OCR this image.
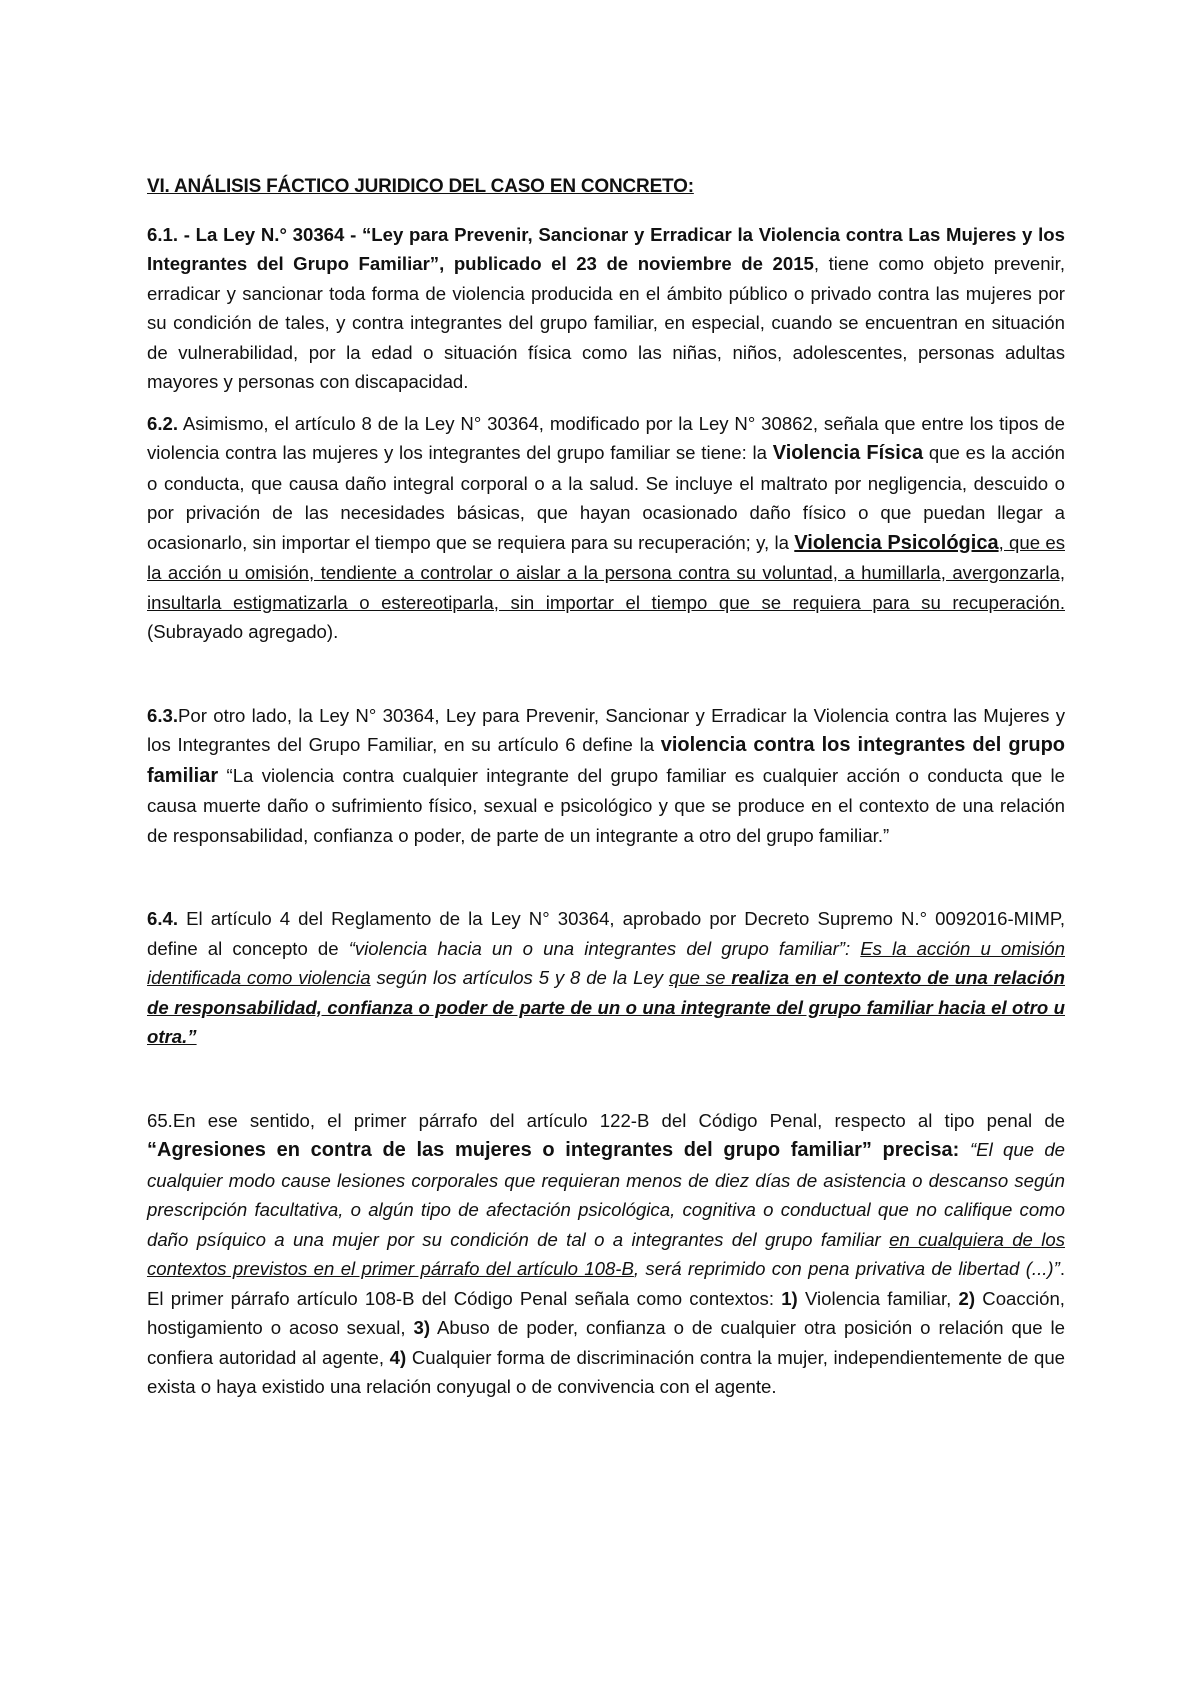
VI. ANÁLISIS FÁCTICO JURIDICO DEL CASO EN CONCRETO:

6.1. - La Ley N.° 30364 - “Ley para Prevenir, Sancionar y Erradicar la Violencia contra Las Mujeres y los Integrantes del Grupo Familiar”, publicado el 23 de noviembre de 2015, tiene como objeto prevenir, erradicar y sancionar toda forma de violencia producida en el ámbito público o privado contra las mujeres por su condición de tales, y contra integrantes del grupo familiar, en especial, cuando se encuentran en situación de vulnerabilidad, por la edad o situación física como las niñas, niños, adolescentes, personas adultas mayores y personas con discapacidad.

6.2. Asimismo, el artículo 8 de la Ley N° 30364, modificado por la Ley N° 30862, señala que entre los tipos de violencia contra las mujeres y los integrantes del grupo familiar se tiene: la Violencia Física que es la acción o conducta, que causa daño integral corporal o a la salud. Se incluye el maltrato por negligencia, descuido o por privación de las necesidades básicas, que hayan ocasionado daño físico o que puedan llegar a ocasionarlo, sin importar el tiempo que se requiera para su recuperación; y, la Violencia Psicológica, que es la acción u omisión, tendiente a controlar o aislar a la persona contra su voluntad, a humillarla, avergonzarla, insultarla estigmatizarla o estereotiparla, sin importar el tiempo que se requiera para su recuperación. (Subrayado agregado).

6.3.Por otro lado, la Ley N° 30364, Ley para Prevenir, Sancionar y Erradicar la Violencia contra las Mujeres y los Integrantes del Grupo Familiar, en su artículo 6 define la violencia contra los integrantes del grupo familiar “La violencia contra cualquier integrante del grupo familiar es cualquier acción o conducta que le causa muerte daño o sufrimiento físico, sexual e psicológico y que se produce en el contexto de una relación de responsabilidad, confianza o poder, de parte de un integrante a otro del grupo familiar.”

6.4. El artículo 4 del Reglamento de la Ley N° 30364, aprobado por Decreto Supremo N.° 0092016-MIMP, define al concepto de “violencia hacia un o una integrantes del grupo familiar”: Es la acción u omisión identificada como violencia según los artículos 5 y 8 de la Ley que se realiza en el contexto de una relación de responsabilidad, confianza o poder de parte de un o una integrante del grupo familiar hacia el otro u otra.”

65.En ese sentido, el primer párrafo del artículo 122-B del Código Penal, respecto al tipo penal de “Agresiones en contra de las mujeres o integrantes del grupo familiar” precisa: “El que de cualquier modo cause lesiones corporales que requieran menos de diez días de asistencia o descanso según prescripción facultativa, o algún tipo de afectación psicológica, cognitiva o conductual que no califique como daño psíquico a una mujer por su condición de tal o a integrantes del grupo familiar en cualquiera de los contextos previstos en el primer párrafo del artículo 108-B, será reprimido con pena privativa de libertad (...)”. El primer párrafo artículo 108-B del Código Penal señala como contextos: 1) Violencia familiar, 2) Coacción, hostigamiento o acoso sexual, 3) Abuso de poder, confianza o de cualquier otra posición o relación que le confiera autoridad al agente, 4) Cualquier forma de discriminación contra la mujer, independientemente de que exista o haya existido una relación conyugal o de convivencia con el agente.
